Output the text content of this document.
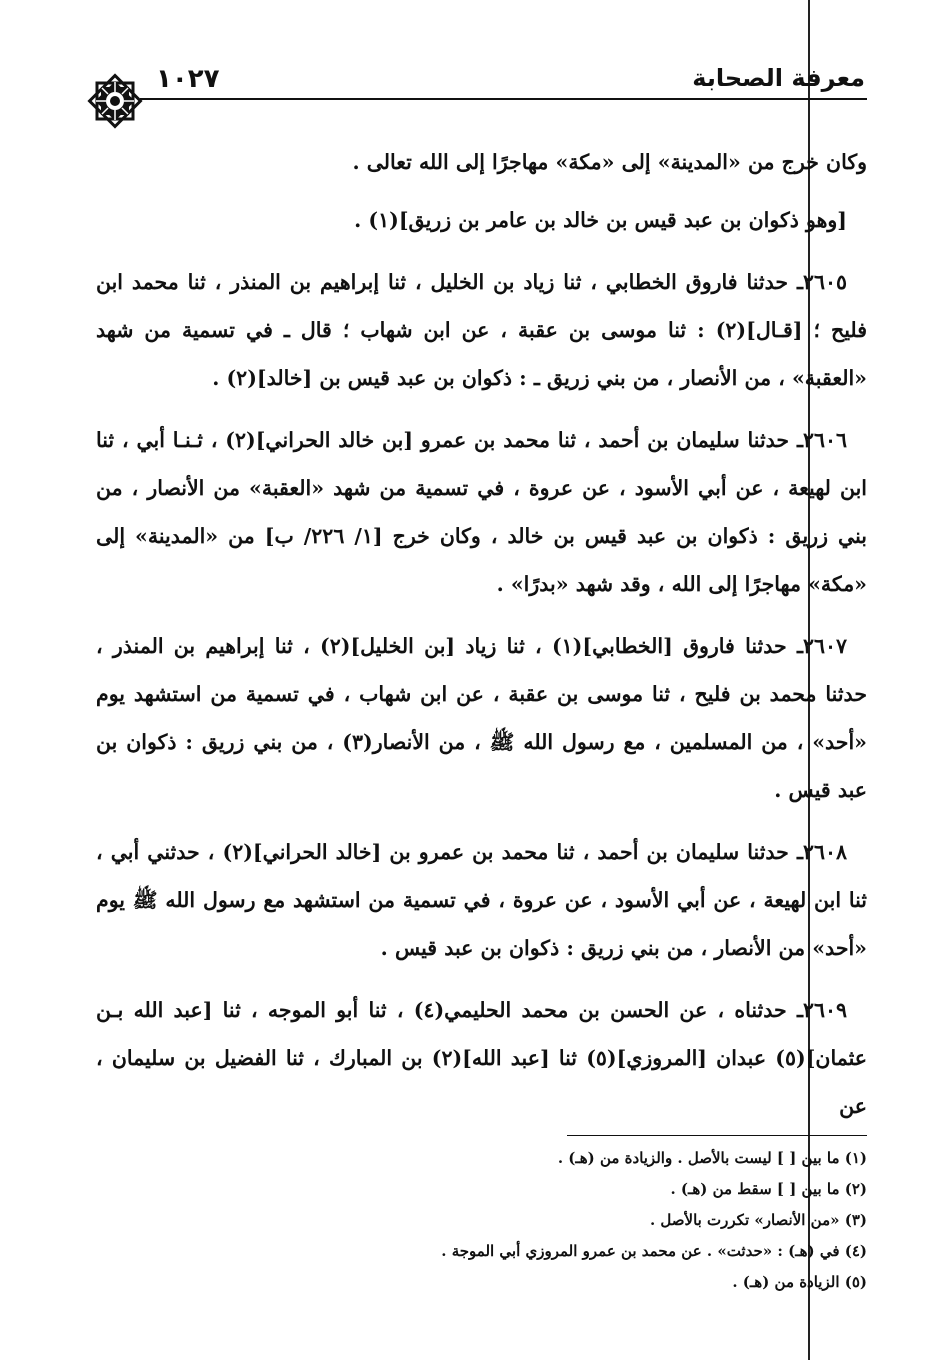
معرفة الصحابة
١٠٢٧

وكان خرج من «المدينة» إلى «مكة» مهاجرًا إلى الله تعالى .

[وهو ذكوان بن عبد قيس بن خالد بن عامر بن زريق](١) .

٢٦٠٥ـ حدثنا فاروق الخطابي ، ثنا زياد بن الخليل ، ثنا إبراهيم بن المنذر ، ثنا محمد ابن فليح ؛ [قـال](٢) : ثنا موسى بن عقبة ، عن ابن شهاب ؛ قال ـ في تسمية من شهد «العقبة» ، من الأنصار ، من بني زريق ـ : ذكوان بن عبد قيس بن [خالد](٢) .

٢٦٠٦ـ حدثنا سليمان بن أحمد ، ثنا محمد بن عمرو [بن خالد الحراني](٢) ، ثـنـا أبي ، ثنا ابن لهيعة ، عن أبي الأسود ، عن عروة ، في تسمية من شهد «العقبة» من الأنصار ، من بني زريق : ذكوان بن عبد قيس بن خالد ، وكان خرج [١/ ٢٢٦/ ب] من «المدينة» إلى «مكة» مهاجرًا إلى الله ، وقد شهد «بدرًا» .

٢٦٠٧ـ حدثنا فاروق [الخطابي](١) ، ثنا زياد [بن الخليل](٢) ، ثنا إبراهيم بن المنذر ، حدثنا محمد بن فليح ، ثنا موسى بن عقبة ، عن ابن شهاب ، في تسمية من استشهد يوم «أحد» ، من المسلمين ، مع رسول الله ﷺ ، من الأنصار(٣) ، من بني زريق : ذكوان بن عبد قيس .

٢٦٠٨ـ حدثنا سليمان بن أحمد ، ثنا محمد بن عمرو بن [خالد الحراني](٢) ، حدثني أبي ، ثنا ابن لهيعة ، عن أبي الأسود ، عن عروة ، في تسمية من استشهد مع رسول الله ﷺ يوم «أحد» من الأنصار ، من بني زريق : ذكوان بن عبد قيس .

٢٦٠٩ـ حدثناه ، عن الحسن بن محمد الحليمي(٤) ، ثنا أبو الموجه ، ثنا [عبد الله بـن عثمان](٥) عبدان [المروزي](٥) ثنا [عبد الله](٢) بن المبارك ، ثنا الفضيل بن سليمان ، عن

(١) ما بين [ ] ليست بالأصل . والزيادة من (هـ) .
(٢) ما بين [ ] سقط من (هـ) .
(٣) «من الأنصار» تكررت بالأصل .
(٤) في (هـ) : «حدثت» . عن محمد بن عمرو المروزي أبي الموجة .
(٥) الزيادة من (هـ) .
